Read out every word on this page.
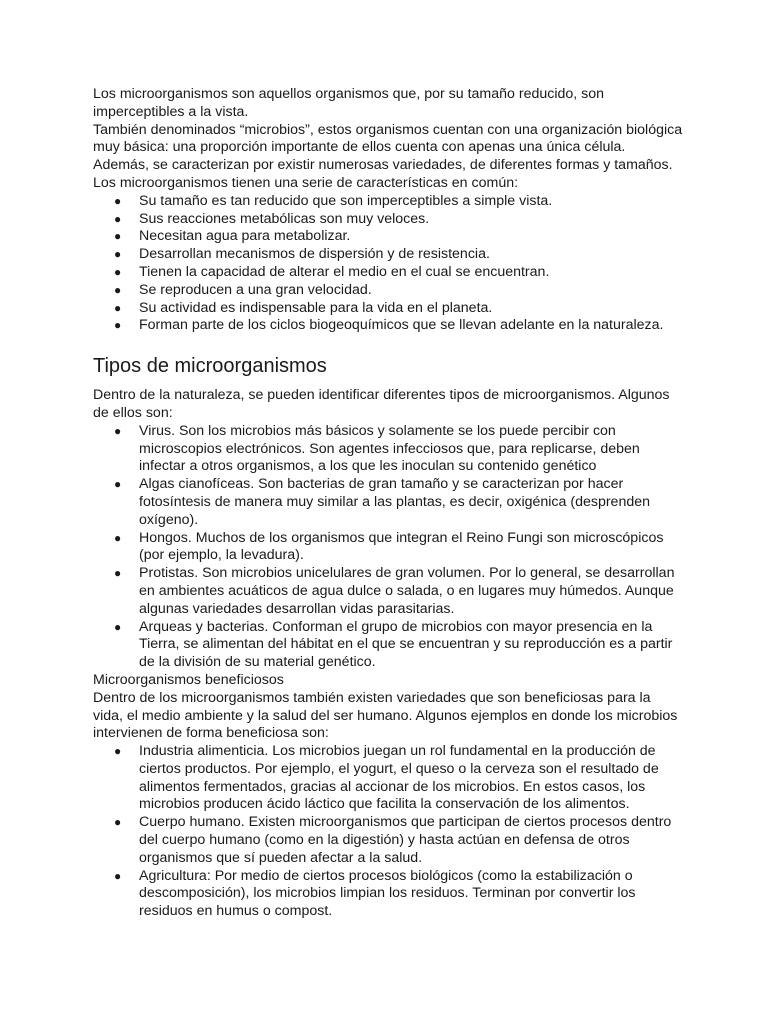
Los microorganismos son aquellos organismos que, por su tamaño reducido, son imperceptibles a la vista.

También denominados “microbios”, estos organismos cuentan con una organización biológica muy básica: una proporción importante de ellos cuenta con apenas una única célula. Además, se caracterizan por existir numerosas variedades, de diferentes formas y tamaños.

Los microorganismos tienen una serie de características en común:

● Su tamaño es tan reducido que son imperceptibles a simple vista.
● Sus reacciones metabólicas son muy veloces.
● Necesitan agua para metabolizar.
● Desarrollan mecanismos de dispersión y de resistencia.
● Tienen la capacidad de alterar el medio en el cual se encuentran.
● Se reproducen a una gran velocidad.
● Su actividad es indispensable para la vida en el planeta.
● Forman parte de los ciclos biogeoquímicos que se llevan adelante en la naturaleza.
Tipos de microorganismos

Dentro de la naturaleza, se pueden identificar diferentes tipos de microorganismos. Algunos de ellos son:

● Virus. Son los microbios más básicos y solamente se los puede percibir con microscopios electrónicos. Son agentes infecciosos que, para replicarse, deben infectar a otros organismos, a los que les inoculan su contenido genético
● Algas cianofíceas. Son bacterias de gran tamaño y se caracterizan por hacer fotosíntesis de manera muy similar a las plantas, es decir, oxigénica (desprenden oxígeno).
● Hongos. Muchos de los organismos que integran el Reino Fungi son microscópicos (por ejemplo, la levadura).
● Protistas. Son microbios unicelulares de gran volumen. Por lo general, se desarrollan en ambientes acuáticos de agua dulce o salada, o en lugares muy húmedos. Aunque algunas variedades desarrollan vidas parasitarias.
● Arqueas y bacterias. Conforman el grupo de microbios con mayor presencia en la Tierra, se alimentan del hábitat en el que se encuentran y su reproducción es a partir de la división de su material genético.

Microorganismos beneficiosos

Dentro de los microorganismos también existen variedades que son beneficiosas para la vida, el medio ambiente y la salud del ser humano. Algunos ejemplos en donde los microbios intervienen de forma beneficiosa son:

● Industria alimenticia. Los microbios juegan un rol fundamental en la producción de ciertos productos. Por ejemplo, el yogurt, el queso o la cerveza son el resultado de alimentos fermentados, gracias al accionar de los microbios. En estos casos, los microbios producen ácido láctico que facilita la conservación de los alimentos.
● Cuerpo humano. Existen microorganismos que participan de ciertos procesos dentro del cuerpo humano (como en la digestión) y hasta actúan en defensa de otros organismos que sí pueden afectar a la salud.
● Agricultura: Por medio de ciertos procesos biológicos (como la estabilización o descomposición), los microbios limpian los residuos. Terminan por convertir los residuos en humus o compost.
